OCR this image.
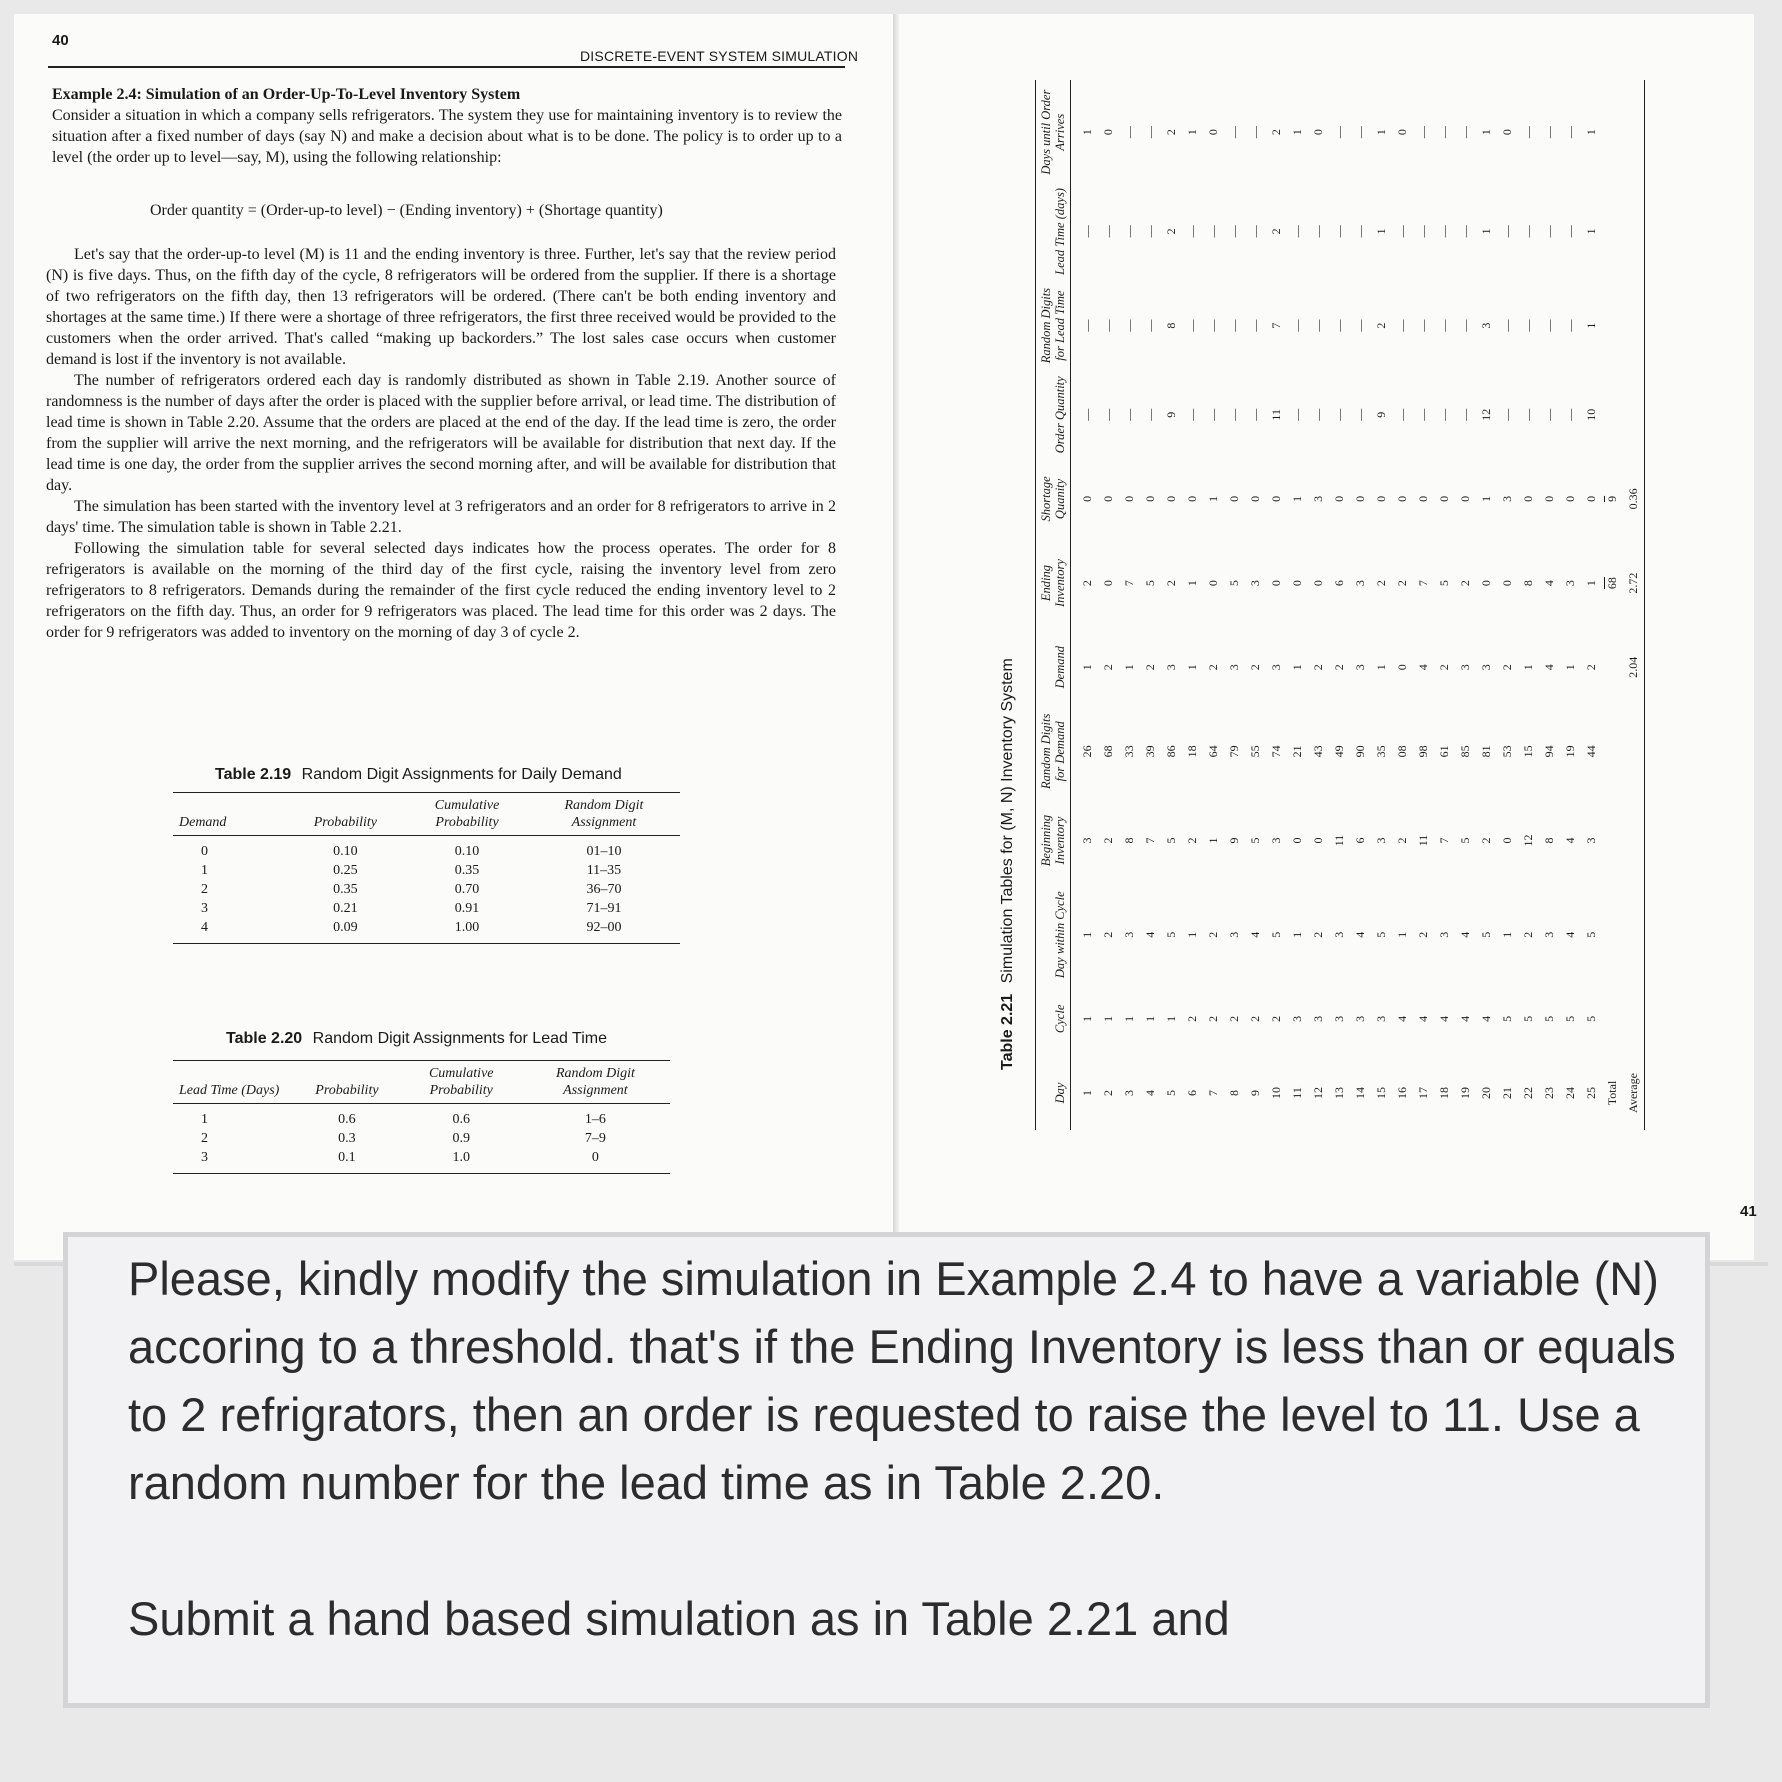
40
DISCRETE-EVENT SYSTEM SIMULATION

Example 2.4: Simulation of an Order-Up-To-Level Inventory System

Consider a situation in which a company sells refrigerators. The system they use for maintaining inventory is to review the situation after a fixed number of days (say N) and make a decision about what is to be done. The policy is to order up to a level (the order up to level—say, M), using the following relationship:

Order quantity = (Order-up-to level) − (Ending inventory) + (Shortage quantity)

Let's say that the order-up-to level (M) is 11 and the ending inventory is three. Further, let's say that the review period (N) is five days. Thus, on the fifth day of the cycle, 8 refrigerators will be ordered from the supplier. If there is a shortage of two refrigerators on the fifth day, then 13 refrigerators will be ordered. (There can't be both ending inventory and shortages at the same time.) If there were a shortage of three refrigerators, the first three received would be provided to the customers when the order arrived. That's called “making up backorders.” The lost sales case occurs when customer demand is lost if the inventory is not available.

The number of refrigerators ordered each day is randomly distributed as shown in Table 2.19. Another source of randomness is the number of days after the order is placed with the supplier before arrival, or lead time. The distribution of lead time is shown in Table 2.20. Assume that the orders are placed at the end of the day. If the lead time is zero, the order from the supplier will arrive the next morning, and the refrigerators will be available for distribution that next day. If the lead time is one day, the order from the supplier arrives the second morning after, and will be available for distribution that day.

The simulation has been started with the inventory level at 3 refrigerators and an order for 8 refrigerators to arrive in 2 days' time. The simulation table is shown in Table 2.21.

Following the simulation table for several selected days indicates how the process operates. The order for 8 refrigerators is available on the morning of the third day of the first cycle, raising the inventory level from zero refrigerators to 8 refrigerators. Demands during the remainder of the first cycle reduced the ending inventory level to 2 refrigerators on the fifth day. Thus, an order for 9 refrigerators was placed. The lead time for this order was 2 days. The order for 9 refrigerators was added to inventory on the morning of day 3 of cycle 2.

Table 2.19 Random Digit Assignments for Daily Demand
Demand	Probability	Cumulative Probability	Random Digit Assignment
0	0.10	0.10	01–10
1	0.25	0.35	11–35
2	0.35	0.70	36–70
3	0.21	0.91	71–91
4	0.09	1.00	92–00
Table 2.20 Random Digit Assignments for Lead Time
Lead Time (Days)	Probability	Cumulative Probability	Random Digit Assignment
1	0.6	0.6	1–6
2	0.3	0.9	7–9
3	0.1	1.0	0
Table 2.21 Simulation Tables for (M, N) Inventory System
Day	Cycle	Day within Cycle	Beginning Inventory	Random Digits for Demand	Demand	Ending Inventory	Shortage Quanity	Order Quantity	Random Digits for Lead Time	Lead Time (days)	Days until Order Arrives
1	1	1	3	26	1	2	0	—	—	—	1
2	1	2	2	68	2	0	0	—	—	—	0
3	1	3	8	33	1	7	0	—	—	—	—
4	1	4	7	39	2	5	0	—	—	—	—
5	1	5	5	86	3	2	0	9	8	2	2
6	2	1	2	18	1	1	0	—	—	—	1
7	2	2	1	64	2	0	1	—	—	—	0
8	2	3	9	79	3	5	0	—	—	—	—
9	2	4	5	55	2	3	0	—	—	—	—
10	2	5	3	74	3	0	0	11	7	2	2
11	3	1	0	21	1	0	1	—	—	—	1
12	3	2	0	43	2	0	3	—	—	—	0
13	3	3	11	49	2	6	0	—	—	—	—
14	3	4	6	90	3	3	0	—	—	—	—
15	3	5	3	35	1	2	0	9	2	1	1
16	4	1	2	08	0	2	0	—	—	—	0
17	4	2	11	98	4	7	0	—	—	—	—
18	4	3	7	61	2	5	0	—	—	—	—
19	4	4	5	85	3	2	0	—	—	—	—
20	4	5	2	81	3	0	1	12	3	1	1
21	5	1	0	53	2	0	3	—	—	—	0
22	5	2	12	15	1	8	0	—	—	—	—
23	5	3	8	94	4	4	0	—	—	—	—
24	5	4	4	19	1	3	0	—	—	—	—
25	5	5	3	44	2	1	0	10	1	1	1
Total						68	9				
Average					2.04	2.72	0.36				
41

Please, kindly modify the simulation in Example 2.4 to have a variable (N) accoring to a threshold. that's if the Ending Inventory is less than or equals to 2 refrigrators, then an order is requested to raise the level to 11. Use a random number for the lead time as in Table 2.20.

Submit a hand based simulation as in Table 2.21 and
